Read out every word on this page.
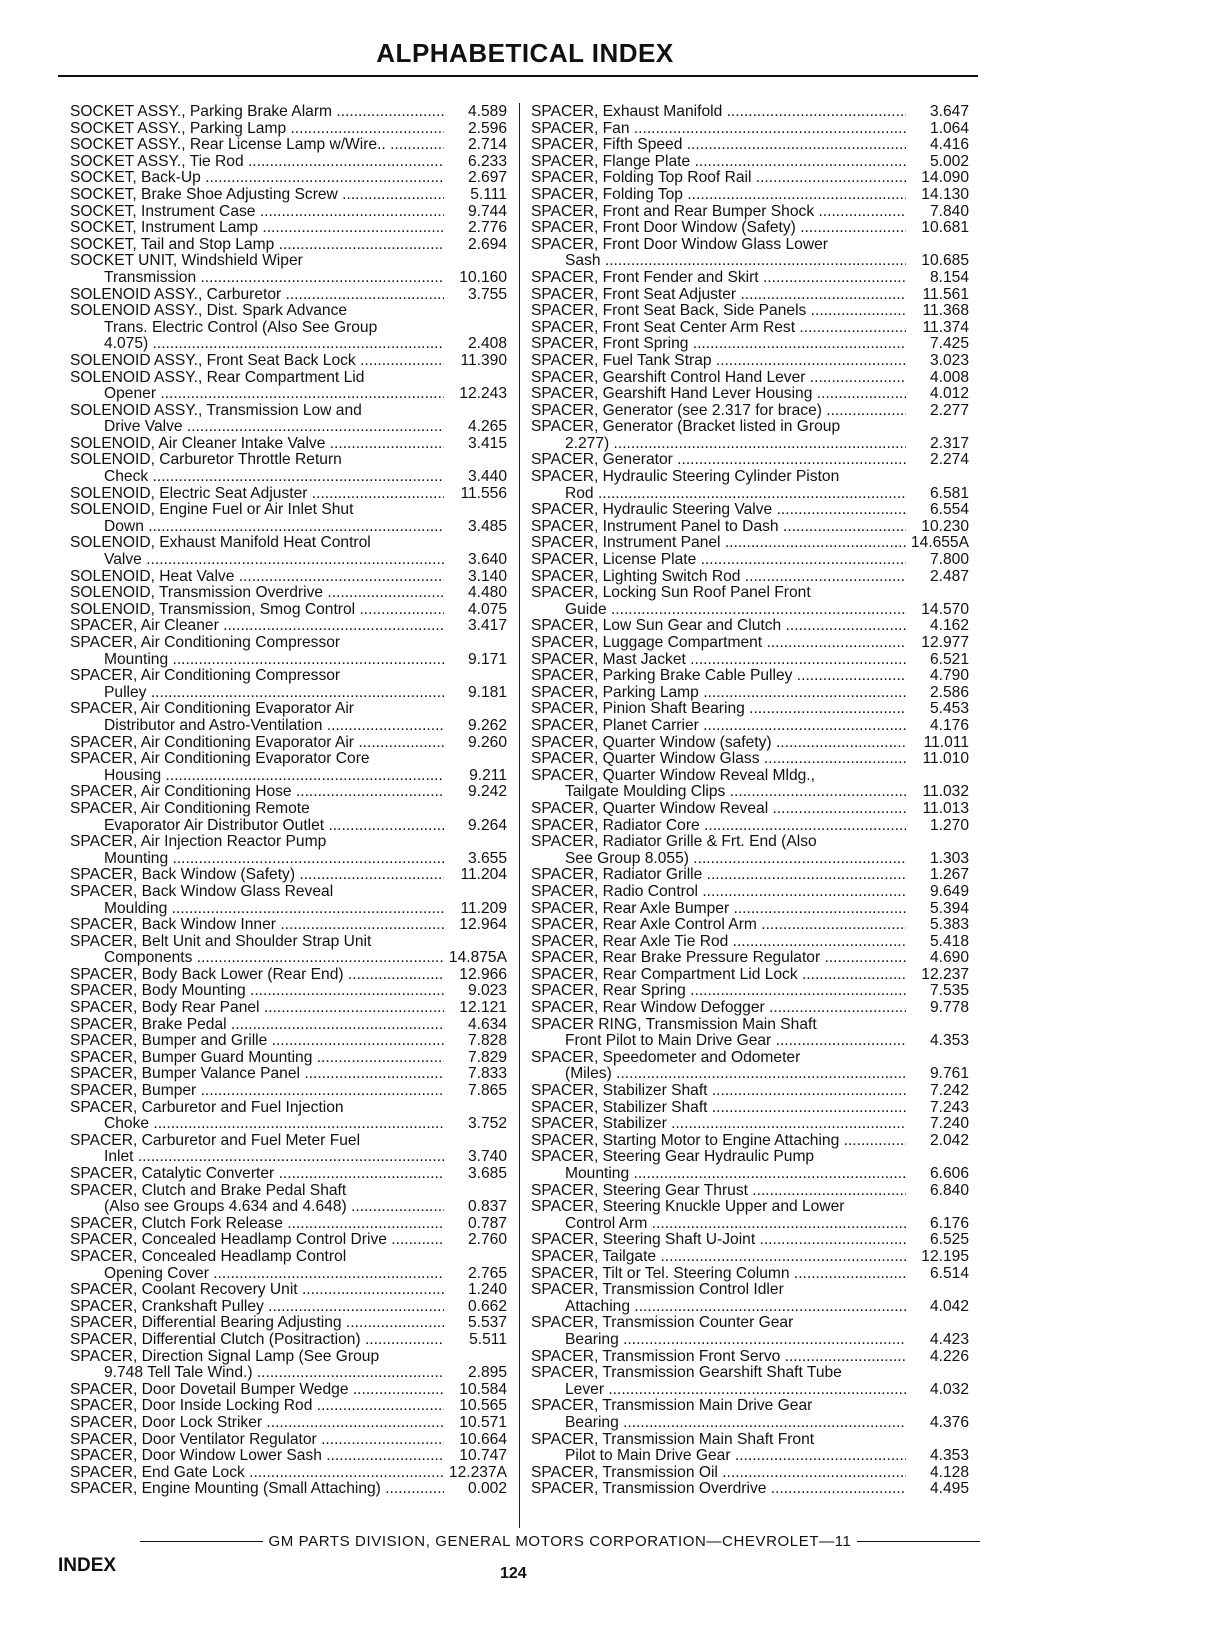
ALPHABETICAL INDEX
SOCKET ASSY., Parking Brake Alarm .....	4.589
SOCKET ASSY., Parking Lamp .....	2.596
SOCKET ASSY., Rear License Lamp w/Wire.. .....	2.714
SOCKET ASSY., Tie Rod .....	6.233
SOCKET, Back-Up .....	2.697
SOCKET, Brake Shoe Adjusting Screw .....	5.111
SOCKET, Instrument Case .....	9.744
SOCKET, Instrument Lamp .....	2.776
SOCKET, Tail and Stop Lamp .....	2.694
SOCKET UNIT, Windshield Wiper
Transmission .....	10.160
SOLENOID ASSY., Carburetor .....	3.755
SOLENOID ASSY., Dist. Spark Advance
Trans. Electric Control (Also See Group
4.075) .....	2.408
SOLENOID ASSY., Front Seat Back Lock .....	11.390
SOLENOID ASSY., Rear Compartment Lid
Opener .....	12.243
SOLENOID ASSY., Transmission Low and
Drive Valve .....	4.265
SOLENOID, Air Cleaner Intake Valve .....	3.415
SOLENOID, Carburetor Throttle Return
Check .....	3.440
SOLENOID, Electric Seat Adjuster .....	11.556
SOLENOID, Engine Fuel or Air Inlet Shut
Down .....	3.485
SOLENOID, Exhaust Manifold Heat Control
Valve .....	3.640
SOLENOID, Heat Valve .....	3.140
SOLENOID, Transmission Overdrive .....	4.480
SOLENOID, Transmission, Smog Control .....	4.075
SPACER, Air Cleaner .....	3.417
SPACER, Air Conditioning Compressor
Mounting .....	9.171
SPACER, Air Conditioning Compressor
Pulley .....	9.181
SPACER, Air Conditioning Evaporator Air
Distributor and Astro-Ventilation .....	9.262
SPACER, Air Conditioning Evaporator Air .....	9.260
SPACER, Air Conditioning Evaporator Core
Housing .....	9.211
SPACER, Air Conditioning Hose .....	9.242
SPACER, Air Conditioning Remote
Evaporator Air Distributor Outlet .....	9.264
SPACER, Air Injection Reactor Pump
Mounting .....	3.655
SPACER, Back Window (Safety) .....	11.204
SPACER, Back Window Glass Reveal
Moulding .....	11.209
SPACER, Back Window Inner .....	12.964
SPACER, Belt Unit and Shoulder Strap Unit
Components .....	14.875A
SPACER, Body Back Lower (Rear End) .....	12.966
SPACER, Body Mounting .....	9.023
SPACER, Body Rear Panel .....	12.121
SPACER, Brake Pedal .....	4.634
SPACER, Bumper and Grille .....	7.828
SPACER, Bumper Guard Mounting .....	7.829
SPACER, Bumper Valance Panel .....	7.833
SPACER, Bumper .....	7.865
SPACER, Carburetor and Fuel Injection
Choke .....	3.752
SPACER, Carburetor and Fuel Meter Fuel
Inlet .....	3.740
SPACER, Catalytic Converter .....	3.685
SPACER, Clutch and Brake Pedal Shaft
(Also see Groups 4.634 and 4.648) .....	0.837
SPACER, Clutch Fork Release .....	0.787
SPACER, Concealed Headlamp Control Drive .....	2.760
SPACER, Concealed Headlamp Control
Opening Cover .....	2.765
SPACER, Coolant Recovery Unit .....	1.240
SPACER, Crankshaft Pulley .....	0.662
SPACER, Differential Bearing Adjusting .....	5.537
SPACER, Differential Clutch (Positraction) .....	5.511
SPACER, Direction Signal Lamp (See Group
9.748 Tell Tale Wind.) .....	2.895
SPACER, Door Dovetail Bumper Wedge .....	10.584
SPACER, Door Inside Locking Rod .....	10.565
SPACER, Door Lock Striker .....	10.571
SPACER, Door Ventilator Regulator .....	10.664
SPACER, Door Window Lower Sash .....	10.747
SPACER, End Gate Lock .....	12.237A
SPACER, Engine Mounting (Small Attaching) .....	0.002
SPACER, Exhaust Manifold .....	3.647
SPACER, Fan .....	1.064
SPACER, Fifth Speed .....	4.416
SPACER, Flange Plate .....	5.002
SPACER, Folding Top Roof Rail .....	14.090
SPACER, Folding Top .....	14.130
SPACER, Front and Rear Bumper Shock .....	7.840
SPACER, Front Door Window (Safety) .....	10.681
SPACER, Front Door Window Glass Lower
Sash .....	10.685
SPACER, Front Fender and Skirt .....	8.154
SPACER, Front Seat Adjuster .....	11.561
SPACER, Front Seat Back, Side Panels .....	11.368
SPACER, Front Seat Center Arm Rest .....	11.374
SPACER, Front Spring .....	7.425
SPACER, Fuel Tank Strap .....	3.023
SPACER, Gearshift Control Hand Lever .....	4.008
SPACER, Gearshift Hand Lever Housing .....	4.012
SPACER, Generator (see 2.317 for brace) .....	2.277
SPACER, Generator (Bracket listed in Group
2.277) .....	2.317
SPACER, Generator .....	2.274
SPACER, Hydraulic Steering Cylinder Piston
Rod .....	6.581
SPACER, Hydraulic Steering Valve .....	6.554
SPACER, Instrument Panel to Dash .....	10.230
SPACER, Instrument Panel .....	14.655A
SPACER, License Plate .....	7.800
SPACER, Lighting Switch Rod .....	2.487
SPACER, Locking Sun Roof Panel Front
Guide .....	14.570
SPACER, Low Sun Gear and Clutch .....	4.162
SPACER, Luggage Compartment .....	12.977
SPACER, Mast Jacket .....	6.521
SPACER, Parking Brake Cable Pulley .....	4.790
SPACER, Parking Lamp .....	2.586
SPACER, Pinion Shaft Bearing .....	5.453
SPACER, Planet Carrier .....	4.176
SPACER, Quarter Window (safety) .....	11.011
SPACER, Quarter Window Glass .....	11.010
SPACER, Quarter Window Reveal Mldg.,
Tailgate Moulding Clips .....	11.032
SPACER, Quarter Window Reveal .....	11.013
SPACER, Radiator Core .....	1.270
SPACER, Radiator Grille & Frt. End (Also
See Group 8.055) .....	1.303
SPACER, Radiator Grille .....	1.267
SPACER, Radio Control .....	9.649
SPACER, Rear Axle Bumper .....	5.394
SPACER, Rear Axle Control Arm .....	5.383
SPACER, Rear Axle Tie Rod .....	5.418
SPACER, Rear Brake Pressure Regulator .....	4.690
SPACER, Rear Compartment Lid Lock .....	12.237
SPACER, Rear Spring .....	7.535
SPACER, Rear Window Defogger .....	9.778
SPACER RING, Transmission Main Shaft
Front Pilot to Main Drive Gear .....	4.353
SPACER, Speedometer and Odometer
(Miles) .....	9.761
SPACER, Stabilizer Shaft .....	7.242
SPACER, Stabilizer Shaft .....	7.243
SPACER, Stabilizer .....	7.240
SPACER, Starting Motor to Engine Attaching .....	2.042
SPACER, Steering Gear Hydraulic Pump
Mounting .....	6.606
SPACER, Steering Gear Thrust .....	6.840
SPACER, Steering Knuckle Upper and Lower
Control Arm .....	6.176
SPACER, Steering Shaft U-Joint .....	6.525
SPACER, Tailgate .....	12.195
SPACER, Tilt or Tel. Steering Column .....	6.514
SPACER, Transmission Control Idler
Attaching .....	4.042
SPACER, Transmission Counter Gear
Bearing .....	4.423
SPACER, Transmission Front Servo .....	4.226
SPACER, Transmission Gearshift Shaft Tube
Lever .....	4.032
SPACER, Transmission Main Drive Gear
Bearing .....	4.376
SPACER, Transmission Main Shaft Front
Pilot to Main Drive Gear .....	4.353
SPACER, Transmission Oil .....	4.128
SPACER, Transmission Overdrive .....	4.495
GM PARTS DIVISION, GENERAL MOTORS CORPORATION—CHEVROLET—11
INDEX	124
